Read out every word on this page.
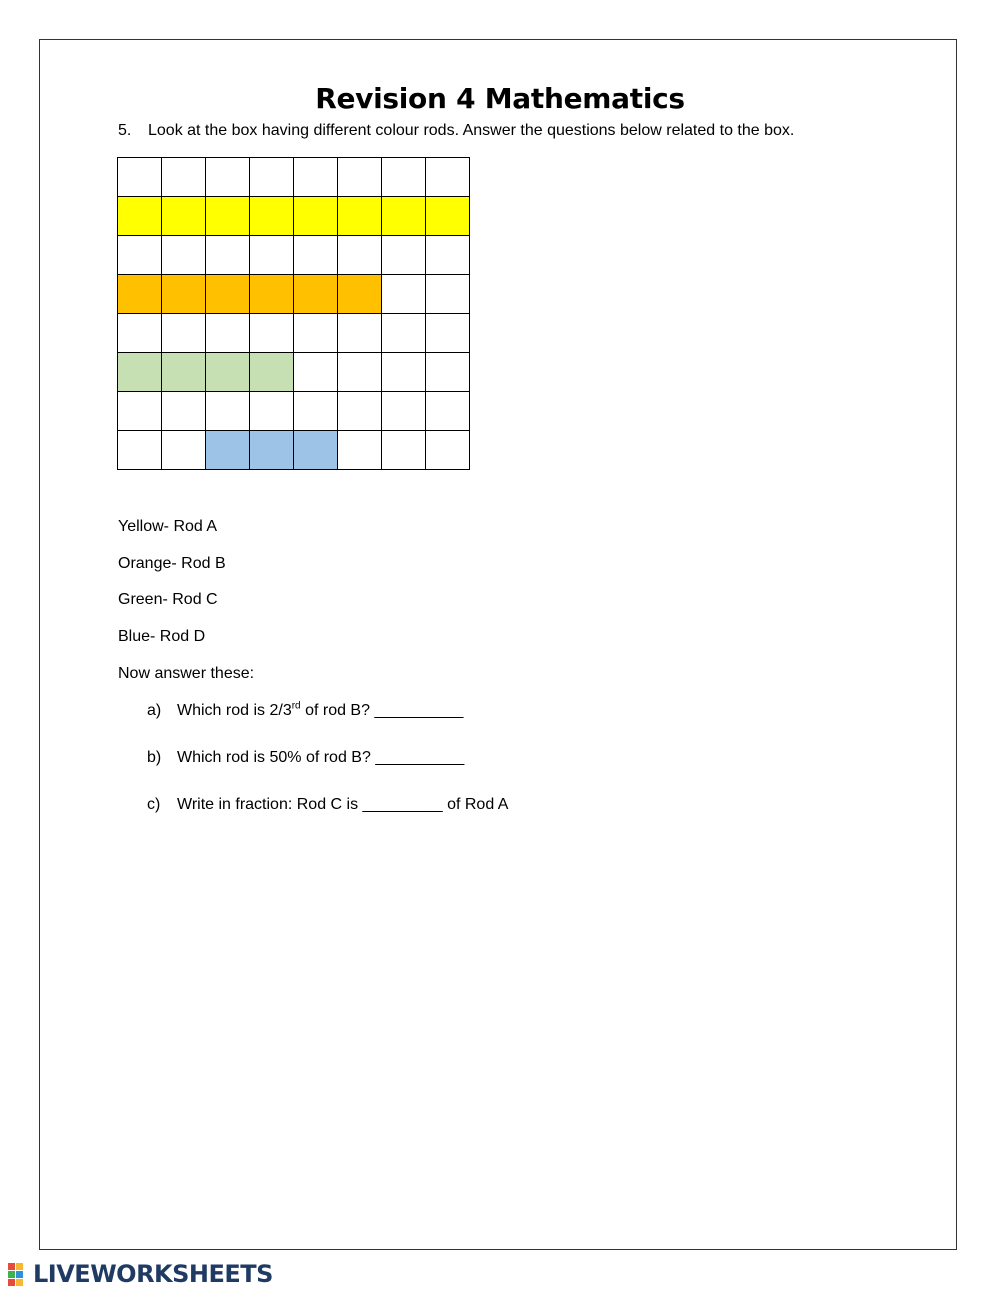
Revision 4 Mathematics
5. Look at the box having different colour rods. Answer the questions below related to the box.

Yellow- Rod A
Orange- Rod B
Green- Rod C
Blue- Rod D
Now answer these:
a) Which rod is 2/3rd of rod B? __________
b) Which rod is 50% of rod B? __________
c) Write in fraction: Rod C is _________ of Rod A
LIVEWORKSHEETS
